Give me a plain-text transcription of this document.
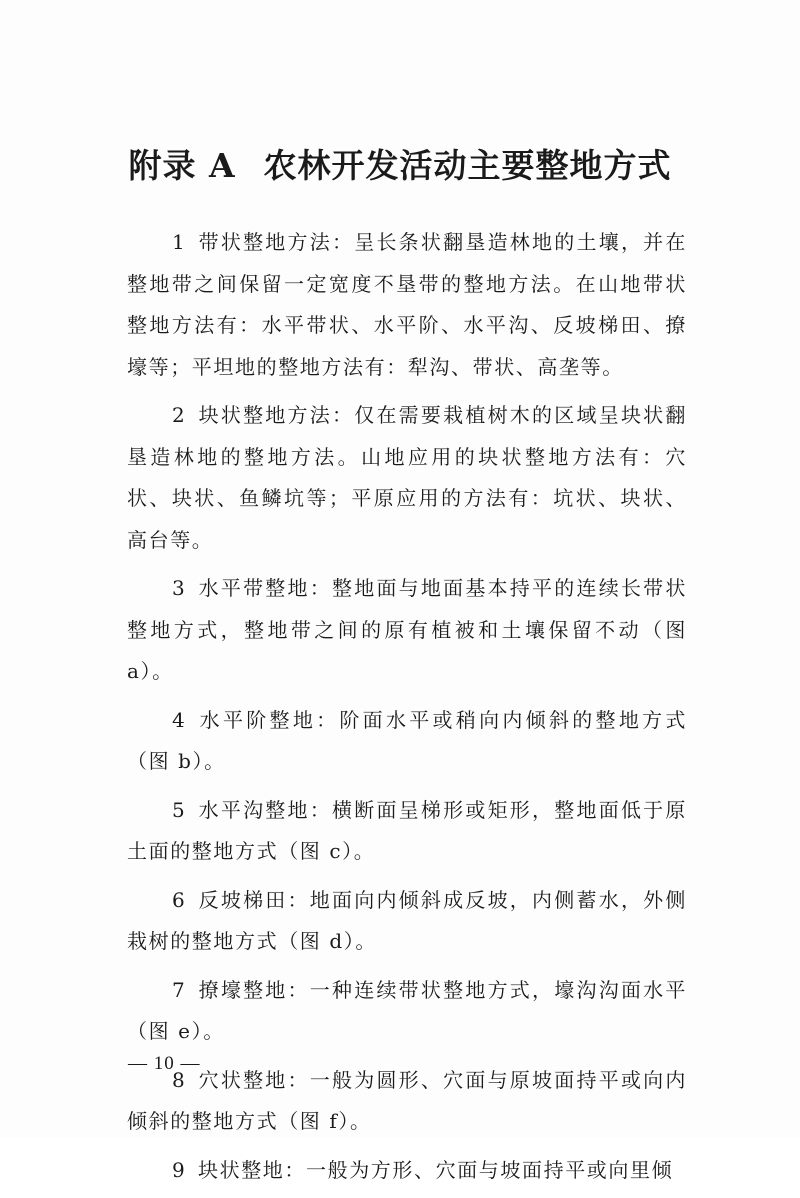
附录 A 农林开发活动主要整地方式

1 带状整地方法：呈长条状翻垦造林地的土壤，并在整地带之间保留一定宽度不垦带的整地方法。在山地带状整地方法有：水平带状、水平阶、水平沟、反坡梯田、撩壕等；平坦地的整地方法有：犁沟、带状、高垄等。

2 块状整地方法：仅在需要栽植树木的区域呈块状翻垦造林地的整地方法。山地应用的块状整地方法有：穴状、块状、鱼鳞坑等；平原应用的方法有：坑状、块状、高台等。

3 水平带整地：整地面与地面基本持平的连续长带状整地方式，整地带之间的原有植被和土壤保留不动（图 a）。

4 水平阶整地：阶面水平或稍向内倾斜的整地方式（图 b）。

5 水平沟整地：横断面呈梯形或矩形，整地面低于原土面的整地方式（图 c）。

6 反坡梯田：地面向内倾斜成反坡，内侧蓄水，外侧栽树的整地方式（图 d）。

7 撩壕整地：一种连续带状整地方式，壕沟沟面水平（图 e）。

8 穴状整地：一般为圆形、穴面与原坡面持平或向内倾斜的整地方式（图 f）。

9 块状整地：一般为方形、穴面与坡面持平或向里倾

— 10 —
